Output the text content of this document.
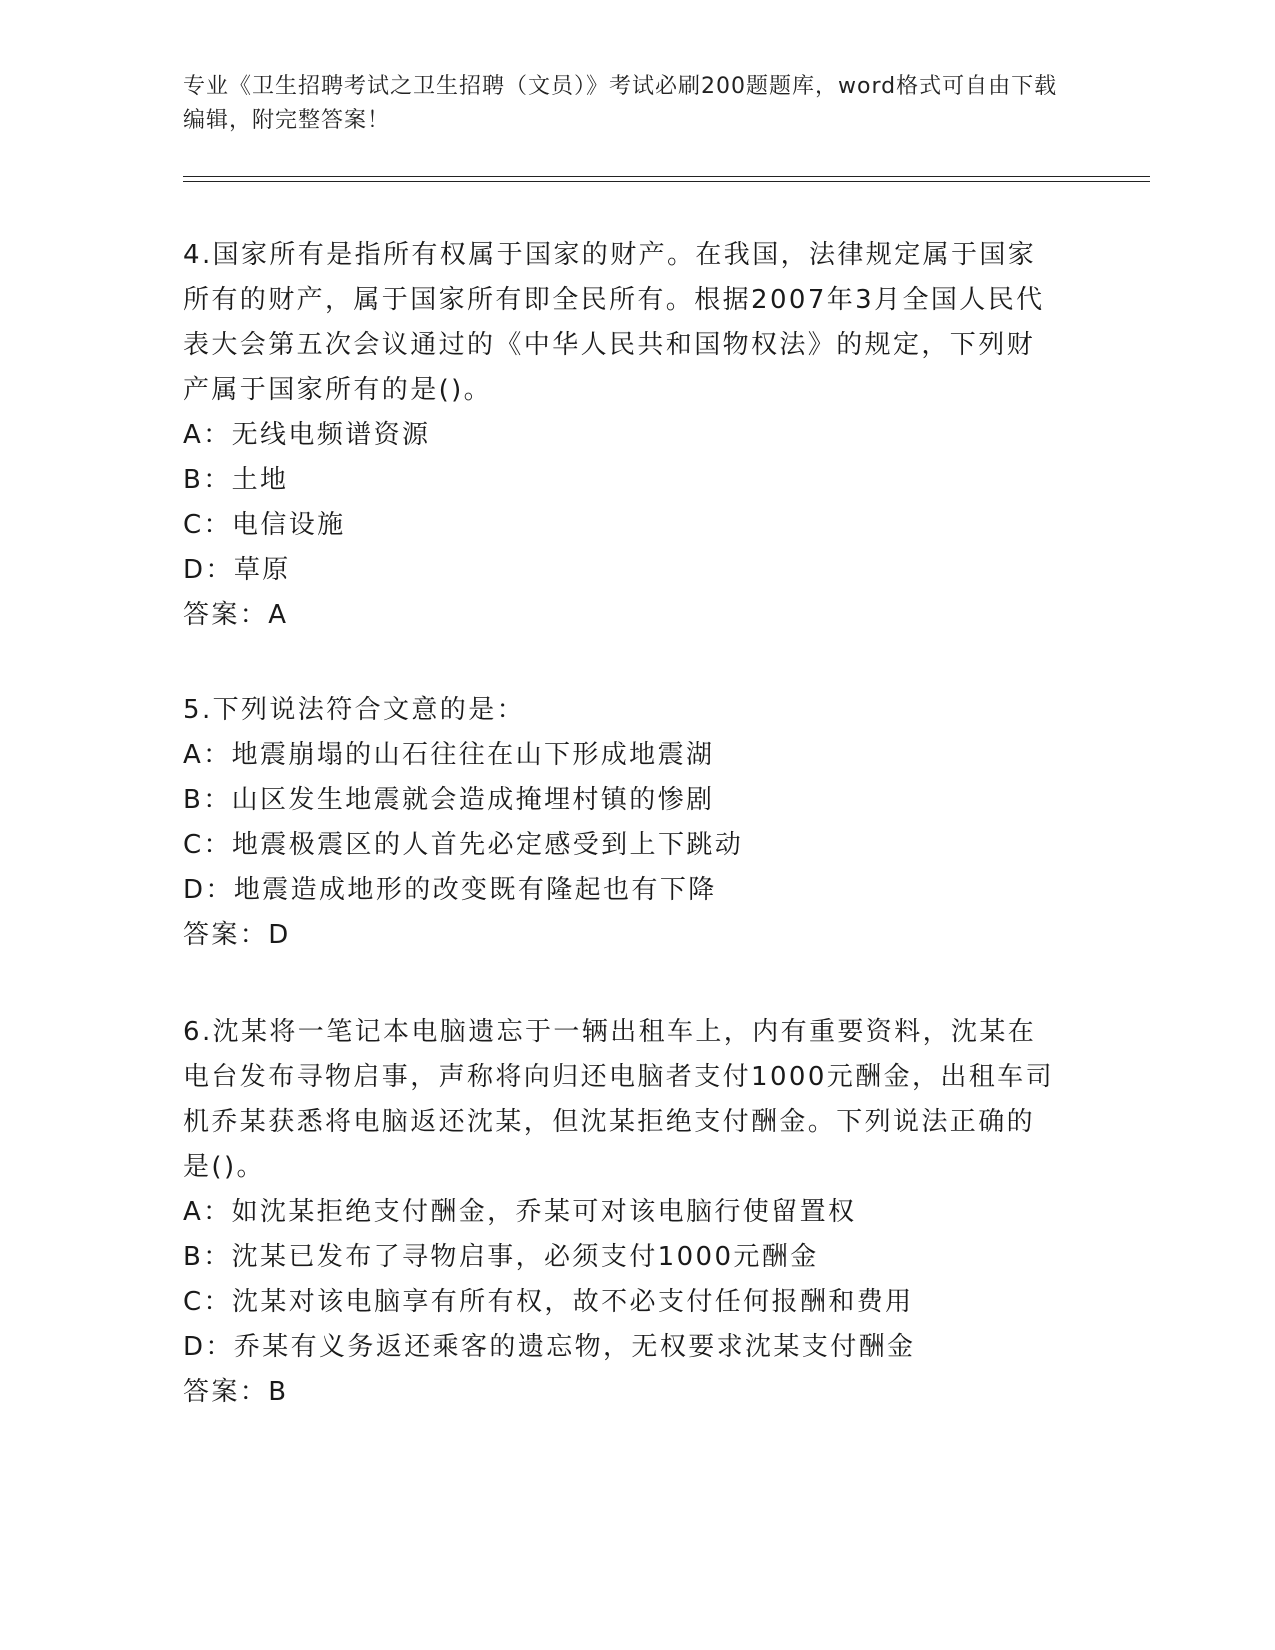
专业《卫生招聘考试之卫生招聘（文员）》考试必刷200题题库，word格式可自由下载编辑，附完整答案！

4.国家所有是指所有权属于国家的财产。在我国，法律规定属于国家所有的财产，属于国家所有即全民所有。根据2007年3月全国人民代表大会第五次会议通过的《中华人民共和国物权法》的规定，下列财产属于国家所有的是()。

A：无线电频谱资源

B：土地

C：电信设施

D：草原

答案：A

5.下列说法符合文意的是：

A：地震崩塌的山石往往在山下形成地震湖

B：山区发生地震就会造成掩埋村镇的惨剧

C：地震极震区的人首先必定感受到上下跳动

D：地震造成地形的改变既有隆起也有下降

答案：D

6.沈某将一笔记本电脑遗忘于一辆出租车上，内有重要资料，沈某在电台发布寻物启事，声称将向归还电脑者支付1000元酬金，出租车司机乔某获悉将电脑返还沈某，但沈某拒绝支付酬金。下列说法正确的是()。

A：如沈某拒绝支付酬金，乔某可对该电脑行使留置权

B：沈某已发布了寻物启事，必须支付1000元酬金

C：沈某对该电脑享有所有权，故不必支付任何报酬和费用

D：乔某有义务返还乘客的遗忘物，无权要求沈某支付酬金

答案：B
